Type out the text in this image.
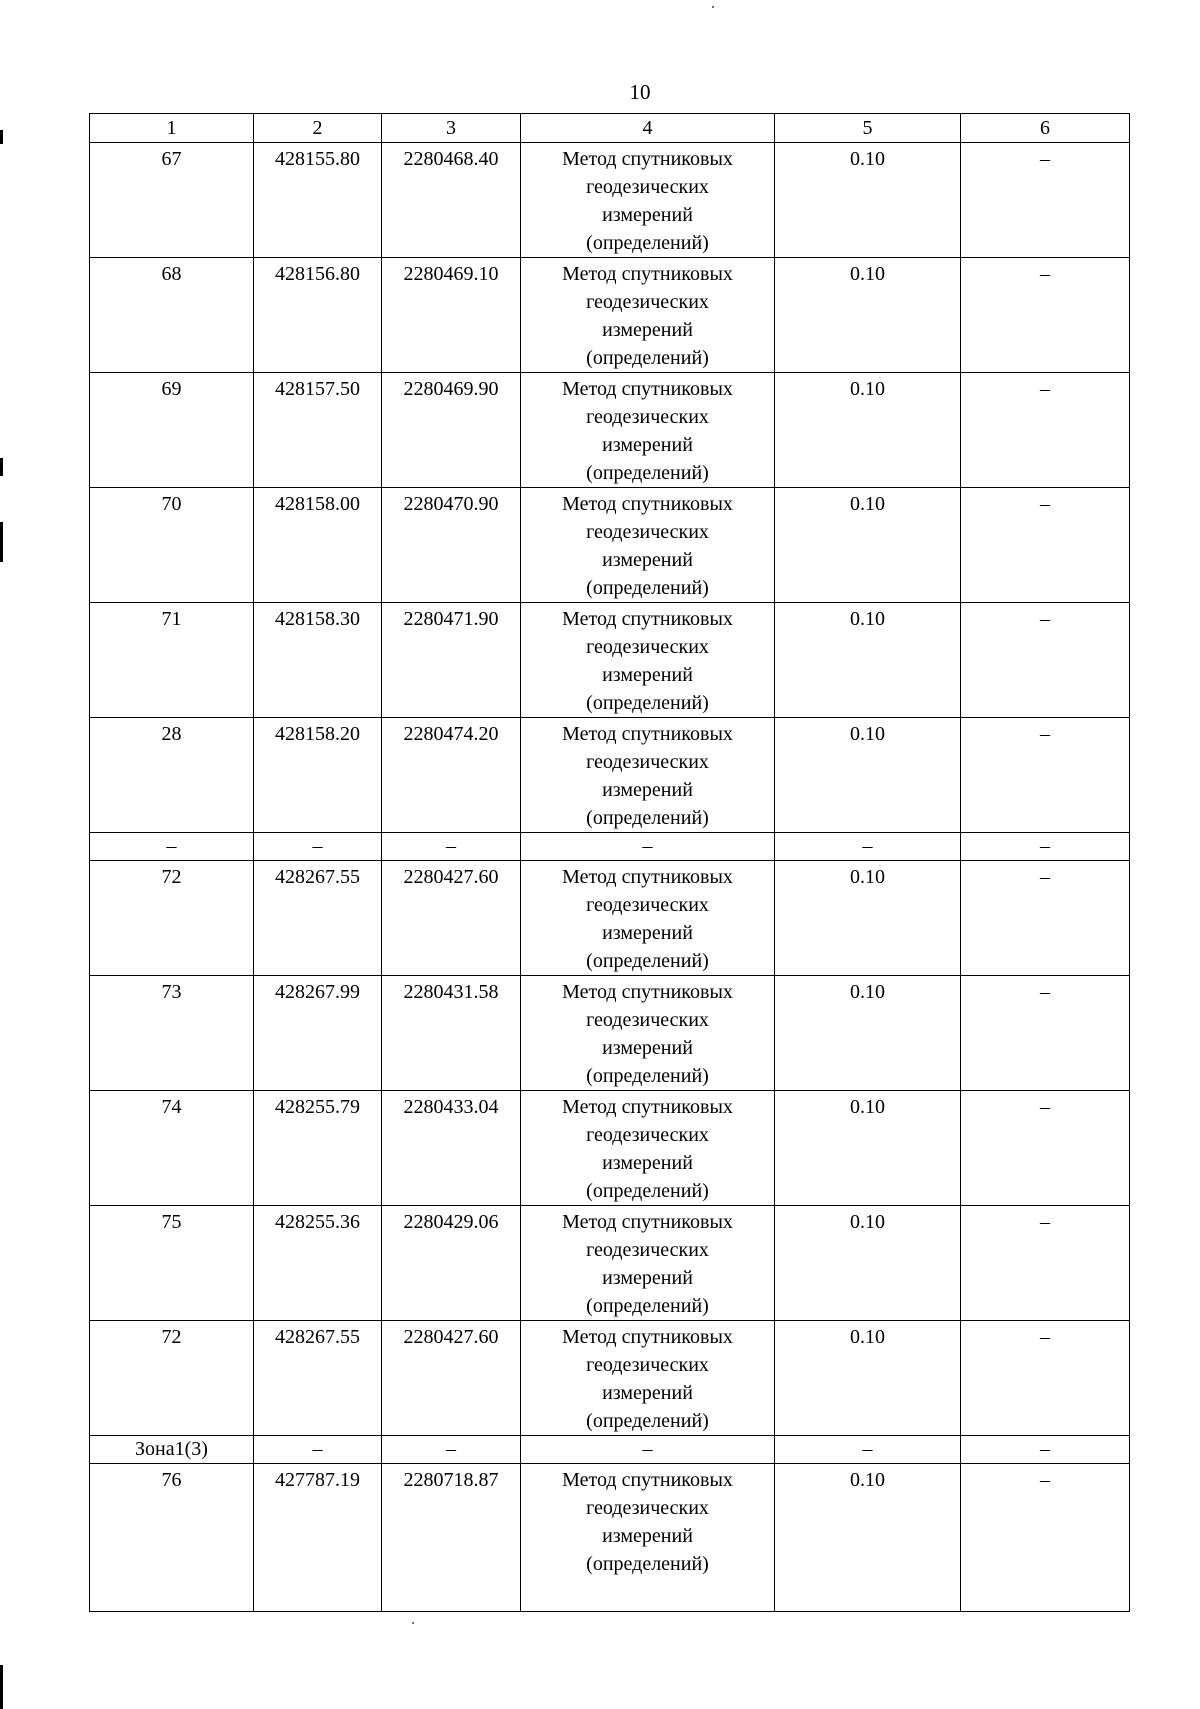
10
1	2	3	4	5	6
67	428155.80	2280468.40	Метод спутниковых
геодезических
измерений
(определений)	0.10	–
68	428156.80	2280469.10	Метод спутниковых
геодезических
измерений
(определений)	0.10	–
69	428157.50	2280469.90	Метод спутниковых
геодезических
измерений
(определений)	0.10	–
70	428158.00	2280470.90	Метод спутниковых
геодезических
измерений
(определений)	0.10	–
71	428158.30	2280471.90	Метод спутниковых
геодезических
измерений
(определений)	0.10	–
28	428158.20	2280474.20	Метод спутниковых
геодезических
измерений
(определений)	0.10	–
–	–	–	–	–	–
72	428267.55	2280427.60	Метод спутниковых
геодезических
измерений
(определений)	0.10	–
73	428267.99	2280431.58	Метод спутниковых
геодезических
измерений
(определений)	0.10	–
74	428255.79	2280433.04	Метод спутниковых
геодезических
измерений
(определений)	0.10	–
75	428255.36	2280429.06	Метод спутниковых
геодезических
измерений
(определений)	0.10	–
72	428267.55	2280427.60	Метод спутниковых
геодезических
измерений
(определений)	0.10	–
Зона1(3)	–	–	–	–	–
76	427787.19	2280718.87	Метод спутниковых
геодезических
измерений
(определений)	0.10	–
